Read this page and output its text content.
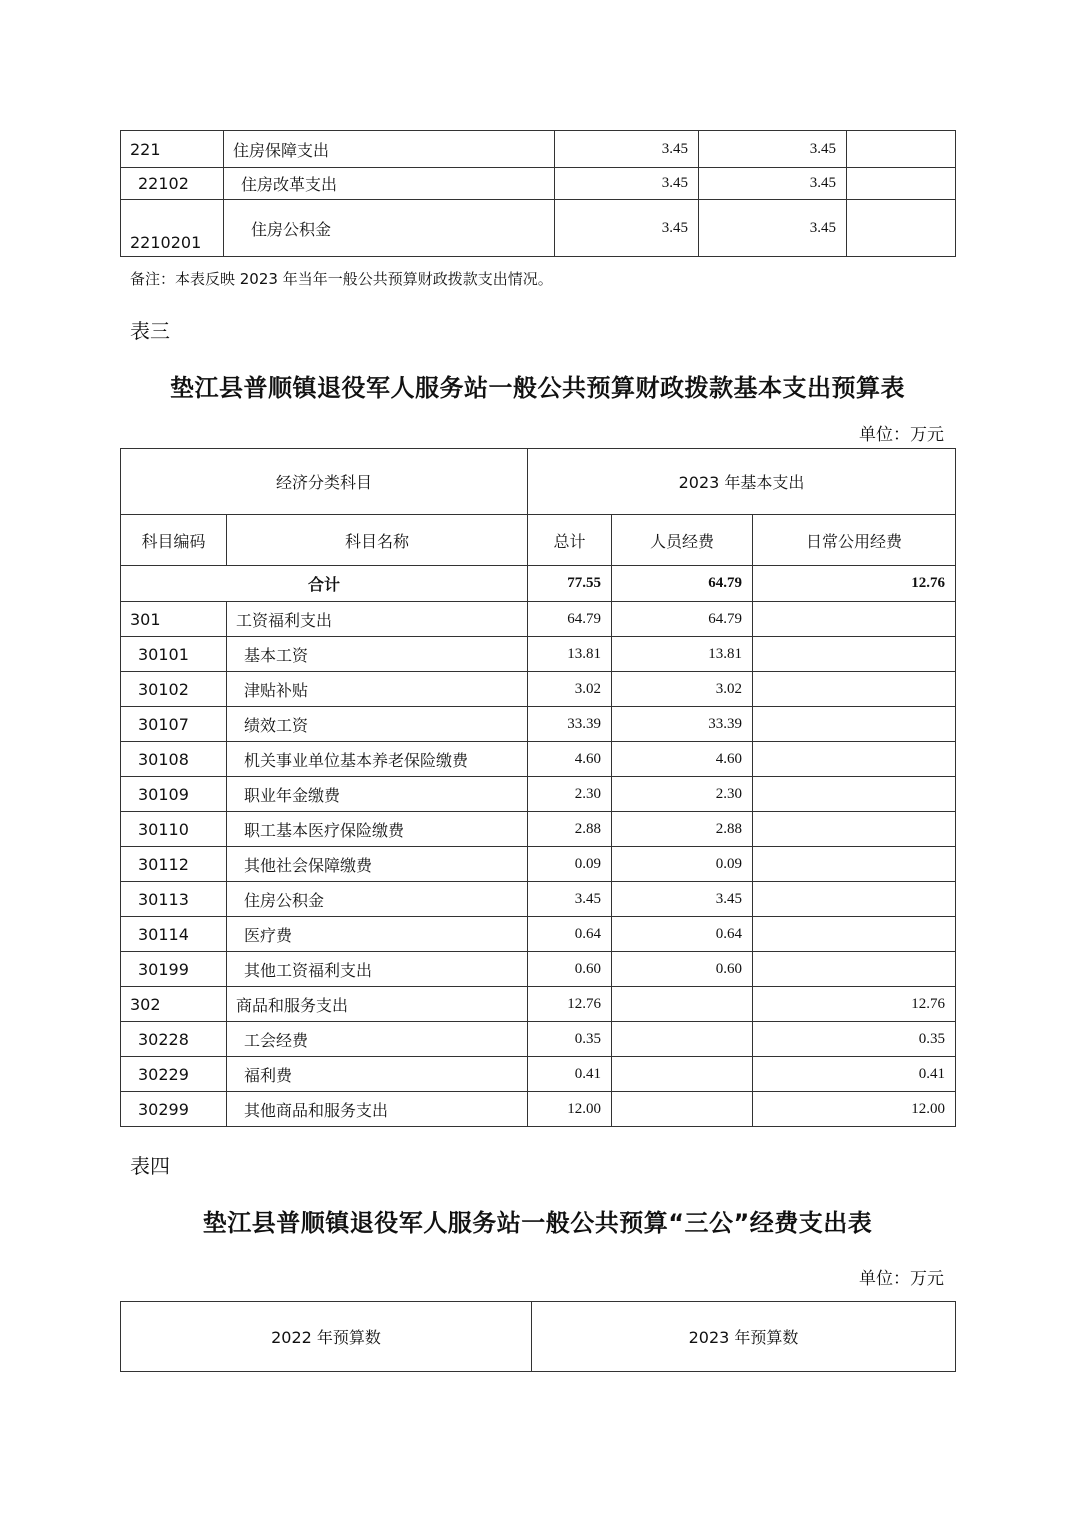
221	住房保障支出	3.45	3.45	
22102	住房改革支出	3.45	3.45	
2210201	住房公积金	3.45	3.45	
备注：本表反映 2023 年当年一般公共预算财政拨款支出情况。
表三
垫江县普顺镇退役军人服务站一般公共预算财政拨款基本支出预算表
单位：万元
经济分类科目		2023 年基本支出		
科目编码	科目名称	总计	人员经费	日常公用经费
合计		77.55	64.79	12.76
301	工资福利支出	64.79	64.79	
30101	基本工资	13.81	13.81	
30102	津贴补贴	3.02	3.02	
30107	绩效工资	33.39	33.39	
30108	机关事业单位基本养老保险缴费	4.60	4.60	
30109	职业年金缴费	2.30	2.30	
30110	职工基本医疗保险缴费	2.88	2.88	
30112	其他社会保障缴费	0.09	0.09	
30113	住房公积金	3.45	3.45	
30114	医疗费	0.64	0.64	
30199	其他工资福利支出	0.60	0.60	
302	商品和服务支出	12.76		12.76
30228	工会经费	0.35		0.35
30229	福利费	0.41		0.41
30299	其他商品和服务支出	12.00		12.00
表四
垫江县普顺镇退役军人服务站一般公共预算“三公”经费支出表
单位：万元
2022 年预算数	2023 年预算数
